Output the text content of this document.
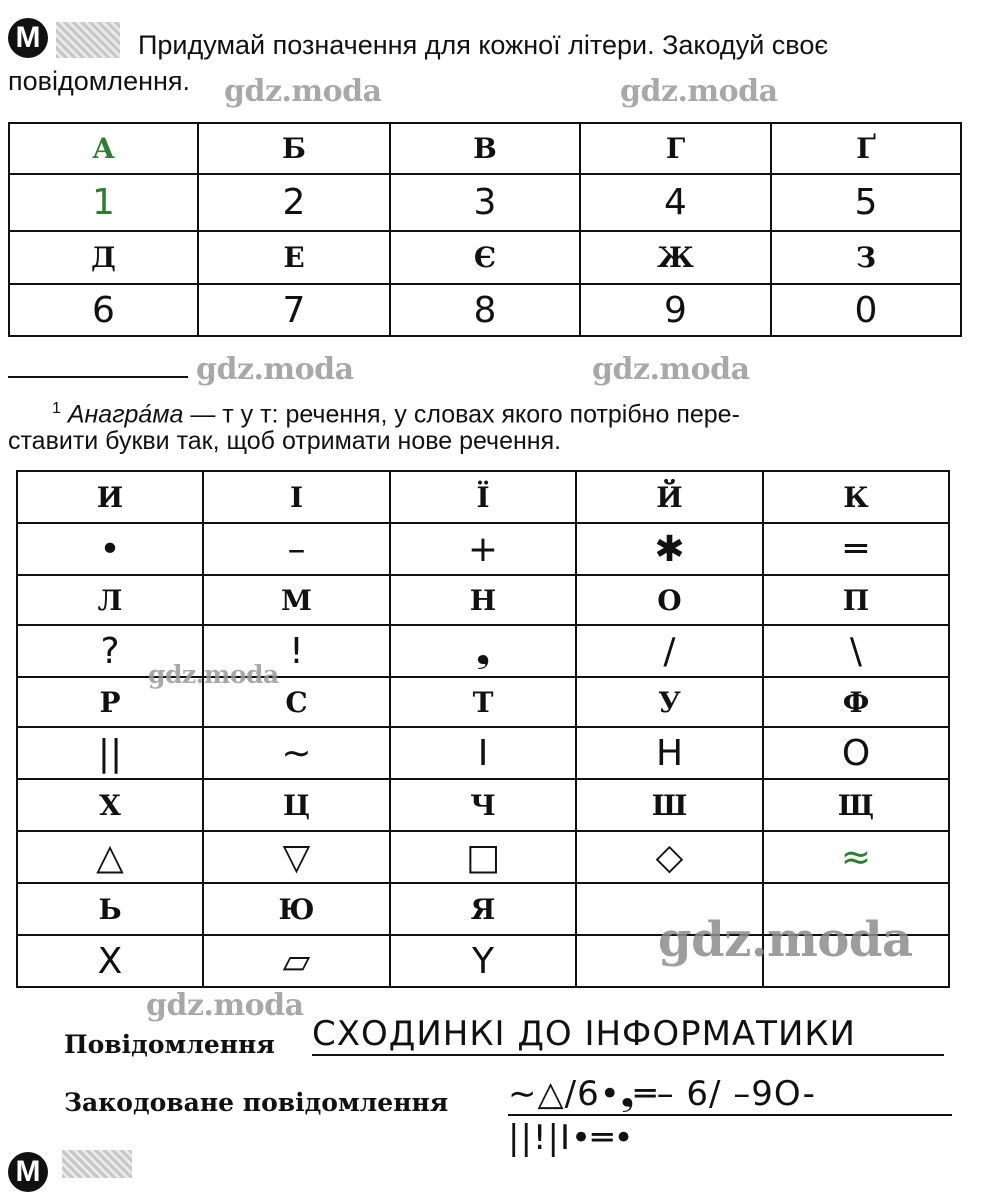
М	Придумай позначення для кожної літери. Закодуй своє
повідомлення. gdz.moda	gdz.moda
А	Б	В	Г	Ґ
1	2	3	4	5
Д	Е	Є	Ж	З
6	7	8	9	0
gdz.moda	gdz.moda
$^1$ Анагра́ма — т у т: речення, у словах якого потрібно пере-
ставити букви так, щоб отримати нове речення.
И	І	Ї	Й	К
•	–	+	✱	═
Л	М	Н	О	П
?	!	❟	/	\
Р	С	Т	У	Ф
||	∼	I	H	O
Х	Ц	Ч	Ш	Щ
△	▽	□	◇	≈
Ь	Ю	Я		
X	▱	Y		
gdz.moda
gdz.moda
gdz.moda
Повідомлення СХОДИНКІ ДО ІНФОРМАТИКИ
Закодоване повідомлення ∼△/6•❟═– 6/ –9O-
||!|I•═•
М
